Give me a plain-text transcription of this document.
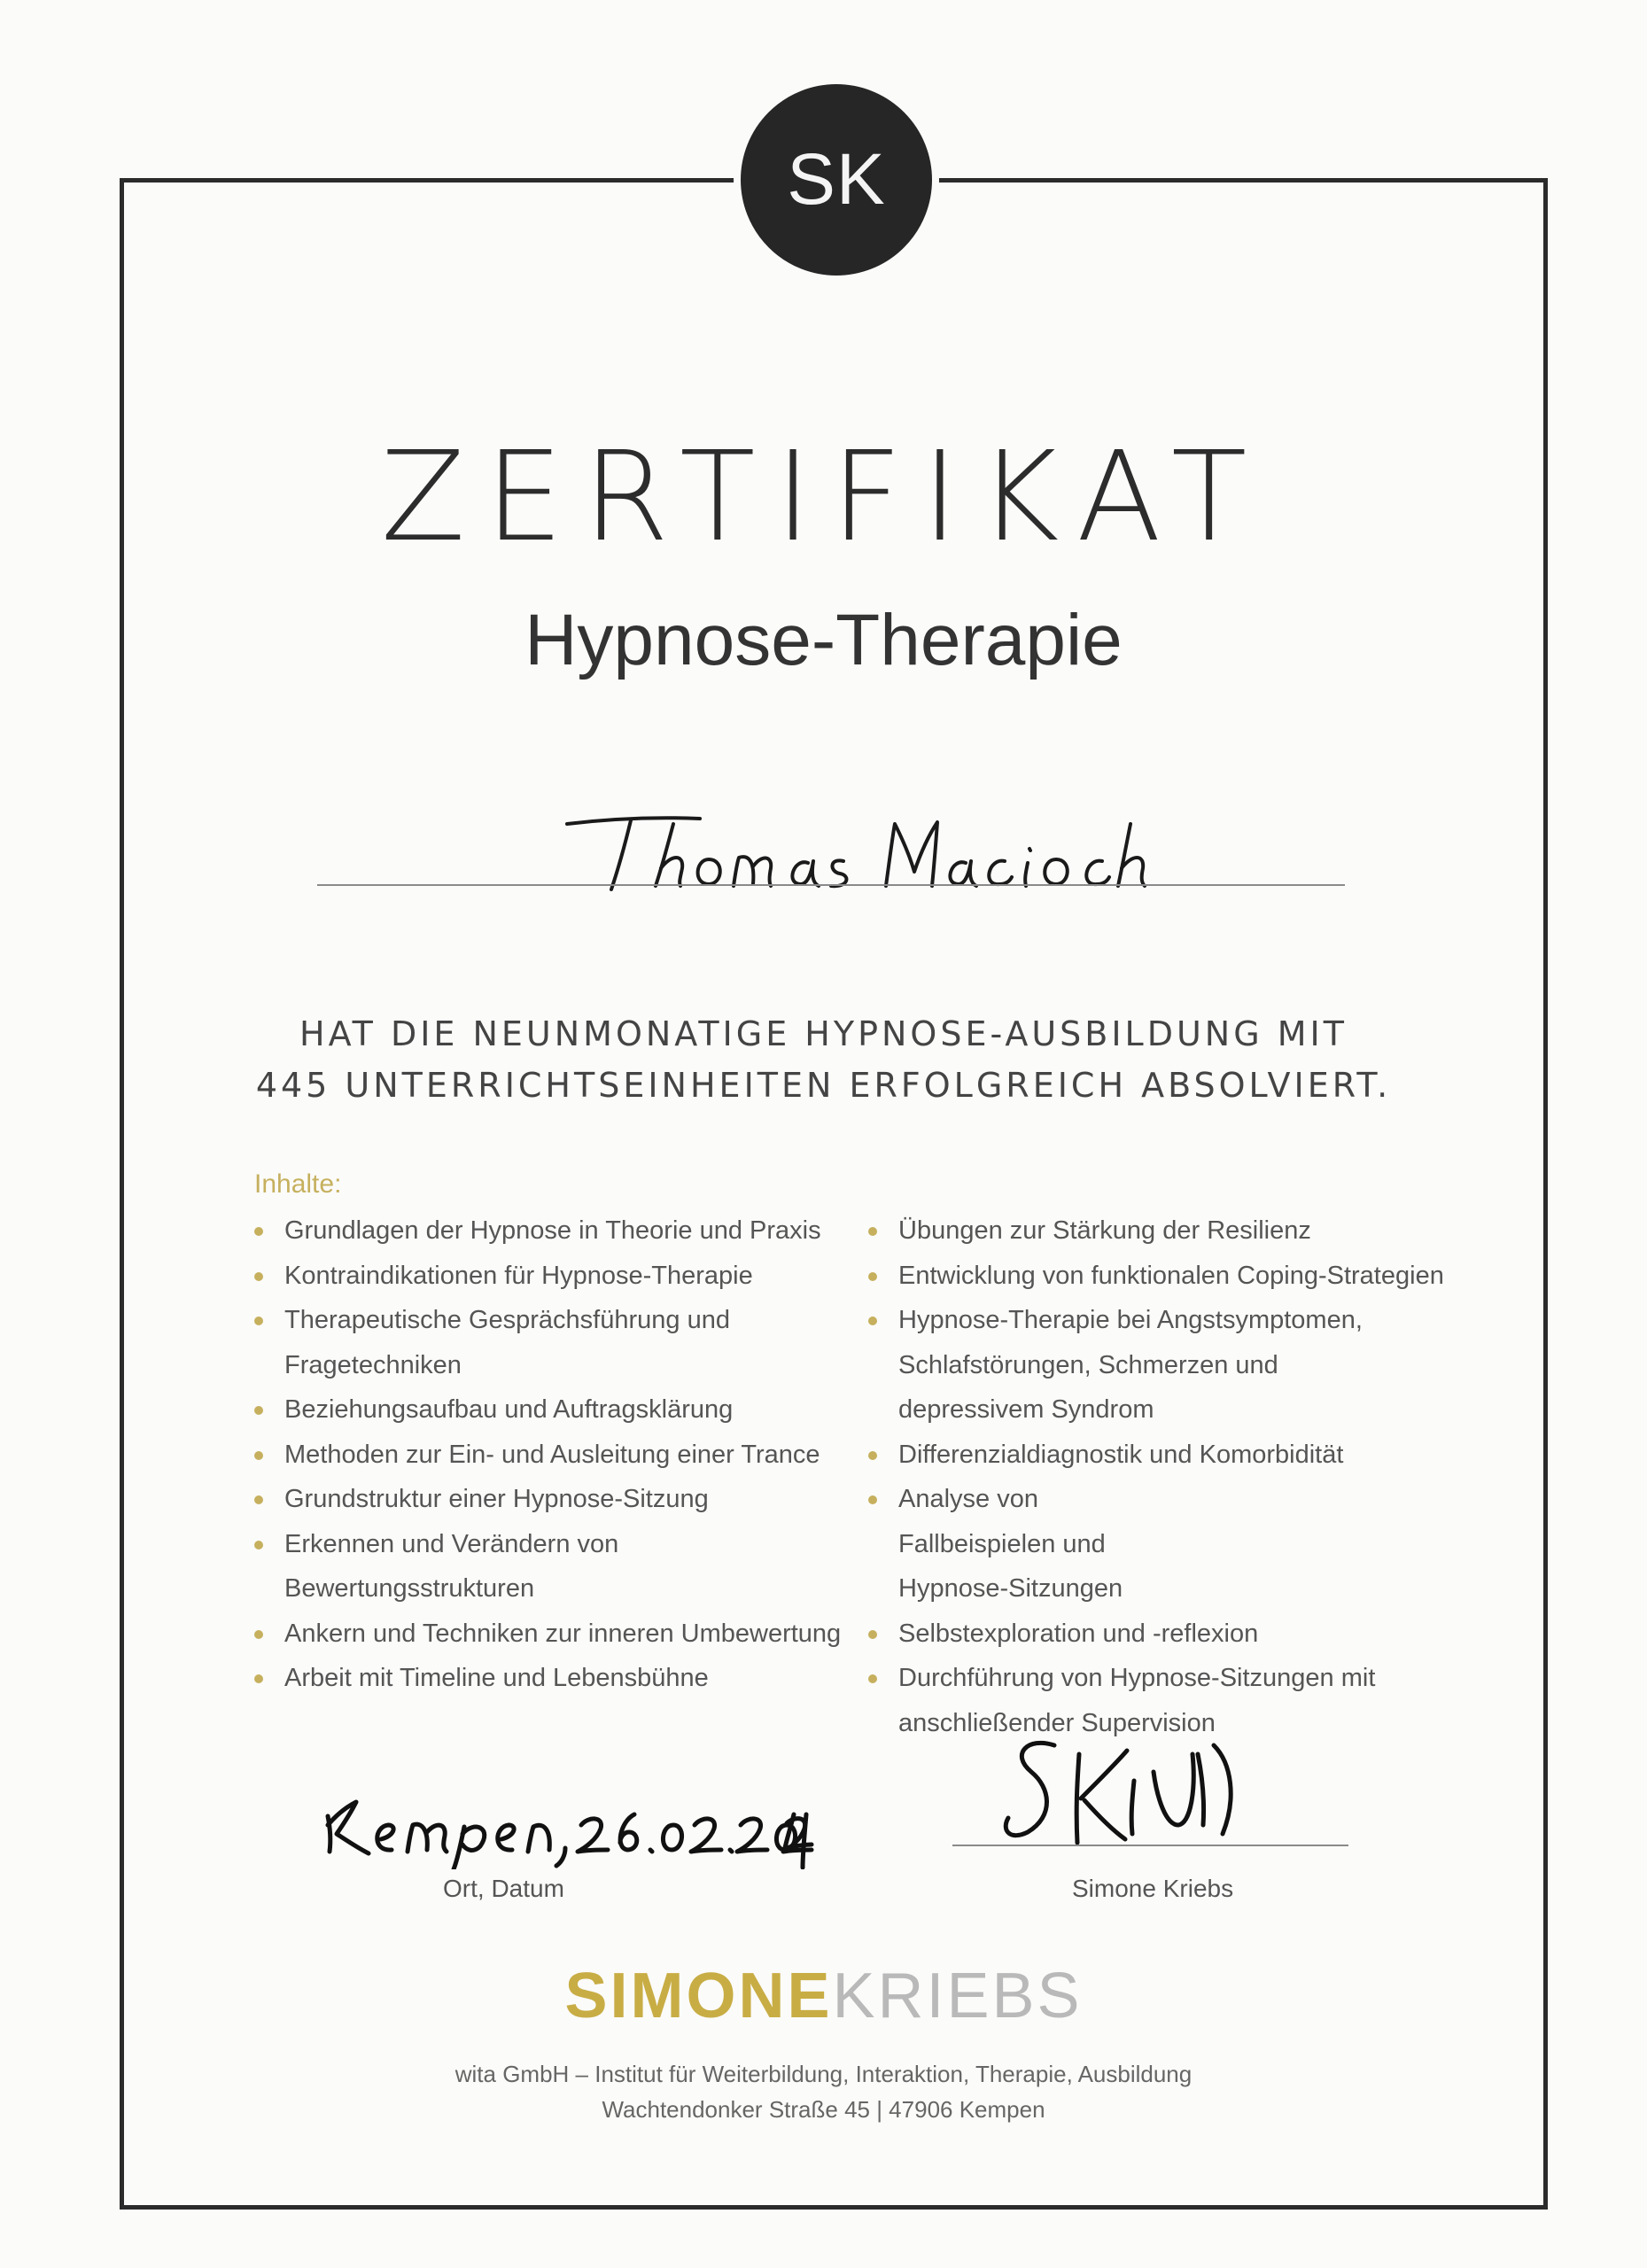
SK
ZERTIFIKAT
Hypnose-Therapie
HAT DIE NEUNMONATIGE HYPNOSE-AUSBILDUNG MIT
445 UNTERRICHTSEINHEITEN ERFOLGREICH ABSOLVIERT.
Inhalte:
Grundlagen der Hypnose in Theorie und Praxis
Kontraindikationen für Hypnose-Therapie
Therapeutische Gesprächsführung und Fragetechniken
Beziehungsaufbau und Auftragsklärung
Methoden zur Ein- und Ausleitung einer Trance
Grundstruktur einer Hypnose-Sitzung
Erkennen und Verändern von Bewertungsstrukturen
Ankern und Techniken zur inneren Umbewertung
Arbeit mit Timeline und Lebensbühne
Übungen zur Stärkung der Resilienz
Entwicklung von funktionalen Coping-Strategien
Hypnose-Therapie bei Angstsymptomen, Schlafstörungen, Schmerzen und depressivem Syndrom
Differenzialdiagnostik und Komorbidität
Analyse von Fallbeispielen und Hypnose-Sitzungen
Selbstexploration und -reflexion
Durchführung von Hypnose-Sitzungen mit anschließender Supervision
Ort, Datum	Simone Kriebs
SIMONEKRIEBS
wita GmbH – Institut für Weiterbildung, Interaktion, Therapie, Ausbildung
Wachtendonker Straße 45 | 47906 Kempen
